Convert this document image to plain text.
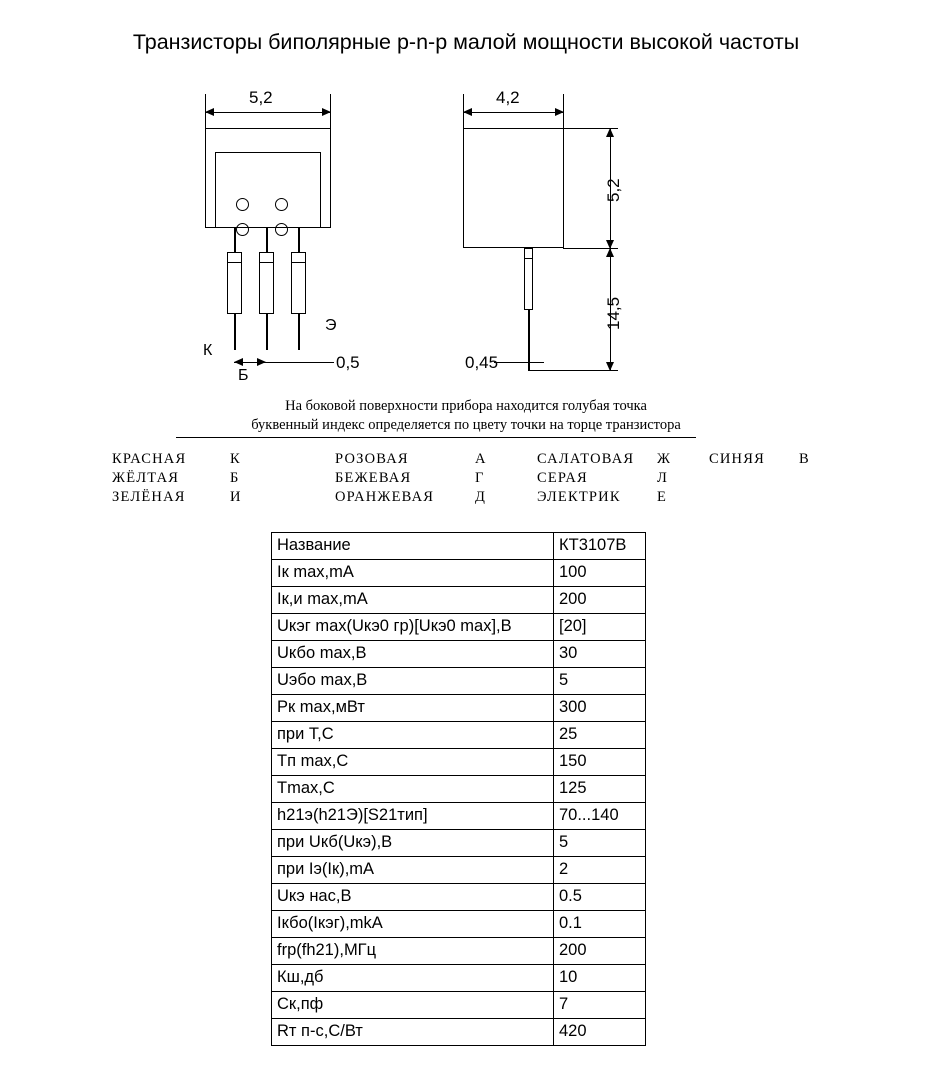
Транзисторы биполярные p-n-p малой мощности высокой частоты
5,2
К
Б
Э
0,5
4,2
5,2
14,5
0,45
На боковой поверхности прибора находится голубая точка
буквенный индекс определяется по цвету точки на торце транзистора
КРАСНАЯ	К	РОЗОВАЯ	А	САЛАТОВАЯ	Ж	СИНЯЯ	В
ЖЁЛТАЯ	Б	БЕЖЕВАЯ	Г	СЕРАЯ	Л		
ЗЕЛЁНАЯ	И	ОРАНЖЕВАЯ	Д	ЭЛЕКТРИК	Е		
Название	КТ3107В
Iк max,mA	100
Iк,и max,mA	200
Uкэг max(Uкэ0 гр)[Uкэ0 max],В	[20]
Uкбо max,В	30
Uэбо max,В	5
Pк max,мВт	300
при T,C	25
Tп max,C	150
Tmax,C	125
h21э(h21Э)[S21тип]	70...140
при Uкб(Uкэ),В	5
при Iэ(Iк),mA	2
Uкэ нас,В	0.5
Iкбо(Iкэг),mkA	0.1
frp(fh21),МГц	200
Кш,дб	10
Cк,пф	7
Rт п-с,C/Вт	420
